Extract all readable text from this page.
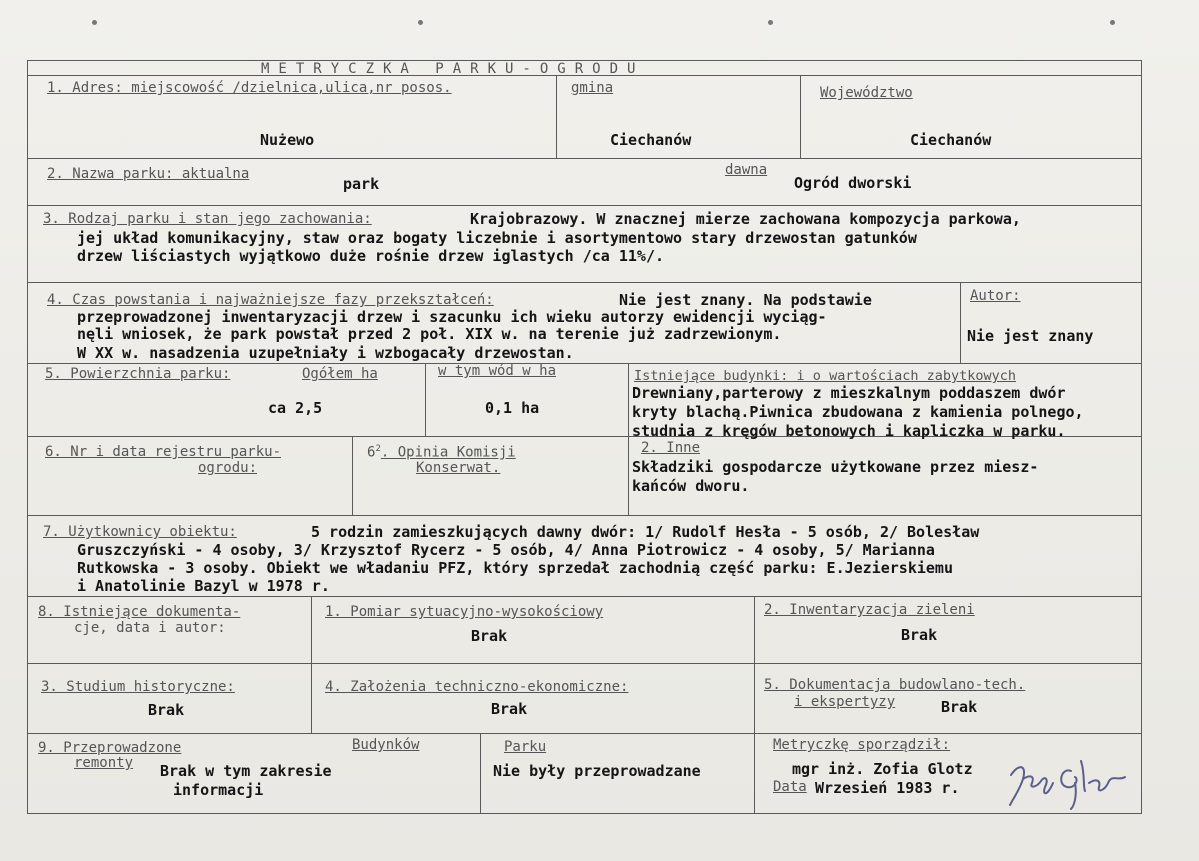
METRYCZKA PARKU-OGRODU
1. Adres: miejscowość /dzielnica,ulica,nr posos.
Nużewo
gmina
Ciechanów
Województwo
Ciechanów
2. Nazwa parku: aktualna
park
dawna
Ogród dworski
3. Rodzaj parku i stan jego zachowania:	Krajobrazowy. W znacznej mierze zachowana kompozycja parkowa,
jej układ komunikacyjny, staw oraz bogaty liczebnie i asortymentowo stary drzewostan gatunków
drzew liściastych wyjątkowo duże rośnie drzew iglastych /ca 11%/.
4. Czas powstania i najważniejsze fazy przekształceń:	Nie jest znany. Na podstawie
przeprowadzonej inwentaryzacji drzew i szacunku ich wieku autorzy ewidencji wyciąg-
nęli wniosek, że park powstał przed 2 poł. XIX w. na terenie już zadrzewionym.
W XX w. nasadzenia uzupełniały i wzbogacały drzewostan.
Autor:
Nie jest znany
5. Powierzchnia parku:	Ogółem ha
ca 2,5
w tym wód w ha
0,1 ha
Istniejące budynki: i o wartościach zabytkowych
Drewniany,parterowy z mieszkalnym poddaszem dwór
kryty blachą.Piwnica zbudowana z kamienia polnego,
studnia z kręgów betonowych i kapliczka w parku.
6. Nr i data rejestru parku-
ogrodu:
$6^2$. Opinia Komisji
Konserwat.
2. Inne
Składziki gospodarcze użytkowane przez miesz-
kańców dworu.
7. Użytkownicy obiektu:	5 rodzin zamieszkujących dawny dwór: 1/ Rudolf Hesła - 5 osób, 2/ Bolesław
Gruszczyński - 4 osoby, 3/ Krzysztof Rycerz - 5 osób, 4/ Anna Piotrowicz - 4 osoby, 5/ Marianna
Rutkowska - 3 osoby. Obiekt we władaniu PFZ, który sprzedał zachodnią część parku: E.Jezierskiemu
i Anatolinie Bazyl w 1978 r.
8. Istniejące dokumenta-
cje, data i autor:
1. Pomiar sytuacyjno-wysokościowy
Brak
2. Inwentaryzacja zieleni
Brak
3. Studium historyczne:
Brak
4. Założenia techniczno-ekonomiczne:
Brak
5. Dokumentacja budowlano-tech.
i ekspertyzy	Brak
9. Przeprowadzone
remonty
Budynków
Brak w tym zakresie
informacji
Parku
Nie były przeprowadzane
Metryczkę sporządził:
mgr inż. Zofia Glotz
Data Wrzesień 1983 r.
